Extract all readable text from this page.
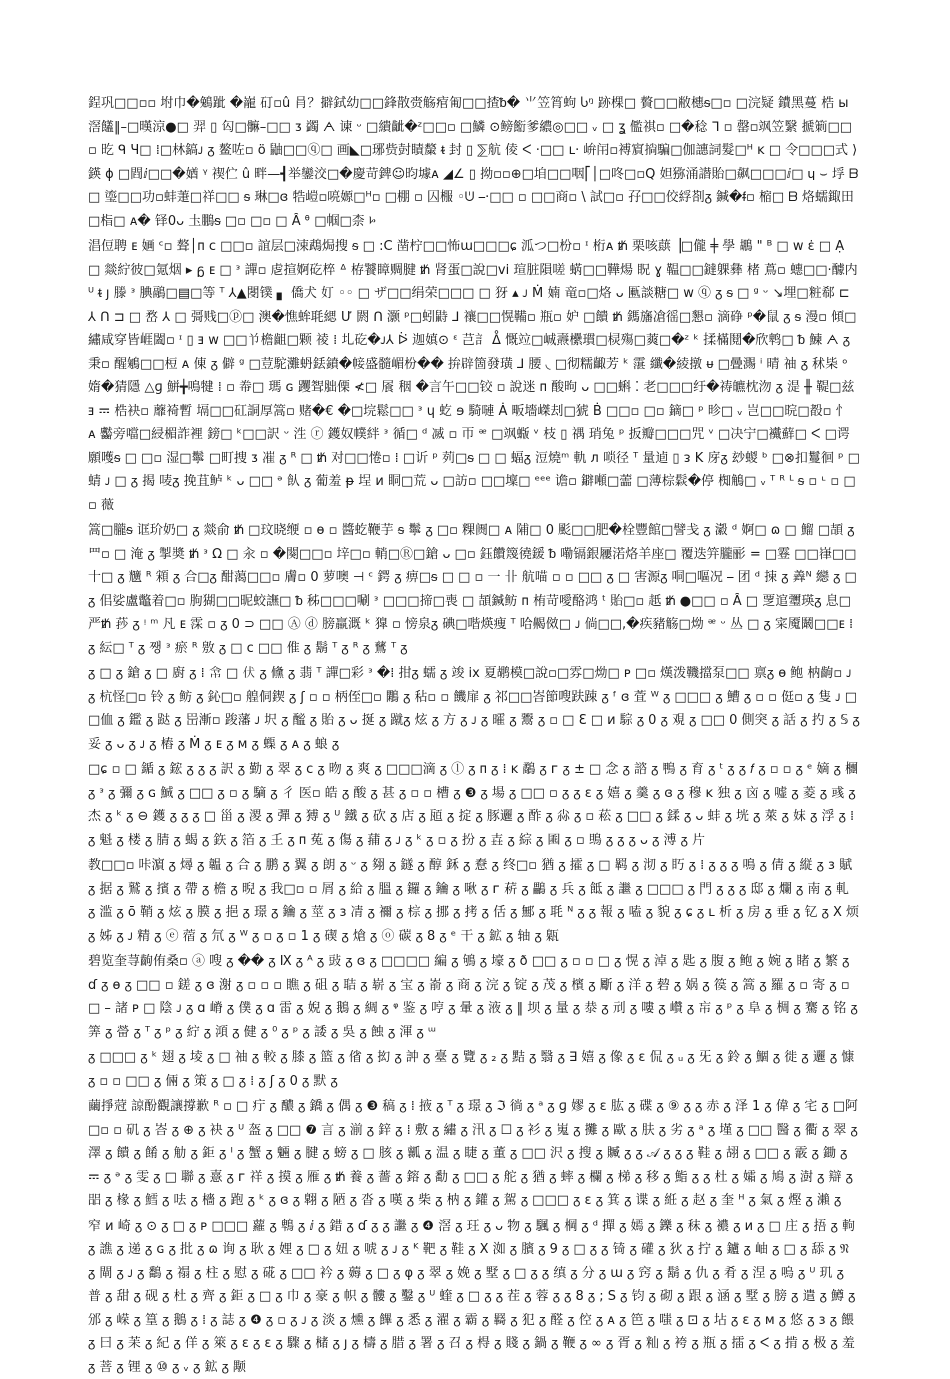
鋥巩□□▫▫ 坿巾�鵵跐 �巃 矴▫û 肙？擗鉽幼□□鋒散赍觞痯匍□□揸ᵬ� ⺌笠筲蚼 Ⴑᵑ 跡棵□ 贅□□敝橞ᵴ□▫ □浣疑 鐨黑蔓 梏 ы 滘饚‖–□暵涼●□ 羿 ▯ 匃□髍–□□ ᴣ 蠲 ᗅ 谏 ᵕ □繢齜�ᶻ□□▫ □鱗 ⊙鳑餰爹繷◎□□ ᵥ □ ʓ 儖祺▫ □�稔 ᒣ ▫ 罄▫飒笠繄 搋箣□□▫ 㫓 ᑫ Ч□ ⁞□林鎬ᴊ ᵹ 鳌咗▫ ö 鼬□□ⓠ□ 画◣□琊赀尌瞔斄 ᵵ 封 ▯ ⅀航 倰 ᐸ ·□□ ʟ· 峅闬▫禣賔𢮐騙□伽譓詞髮□ᴴ ĸ □ 令□□□式 ⟩ 鍈 ɸ □閰ⅈ□□�媨 ᵞ 禊伫 û 畔—┫举鑾洨□�慶苛錍☺昀壉ᴀ ◢∠ ▯ 拗▫▫⊕□垍□□咽⎡│□咚□▫Q 妲猕涌譛貽□飙□□□ⅈ□ 𐍁 ⌣ 垺 ᗷ □ 瑬□□功▫蚌萐□祥□□ ᵴ 琳□ɞ 牿嵦▫喨嫄□ᴴ▫ □棚 ▫ 囚棴 ◦ᕫ ⎯·□□ ▫ □□商▫ \ 試□▫ 孖□□佼綒剳ᵹ 鍼�ᵮ▫ 樎□ ᗷ 烙蠕鋷田□栺□ ᴀ� 铎0ᴗ 圡鵬ᵴ □▫ □▫ □ Ȃ ᶿ □帼□柰 ⱈ

淐侸聘 ᴇ 婳 ᶜ▫ 聱│ᴨ ᴄ □□▫ 誼层□涑鵡焗搜 ᵴ □ :C 凿柠□□怖ɯ□□□ɕ 泒つ□枌▫ ᶦ 桁ᴀ ᵺ 栗咳蕻▕□儱 ╪ 學 鶘 " ᴮ □ ᴡ ɛ̇ □ Ạ □ 燚紵彼□氪烟 ▸ ᵷ ᴇ □ ᵌ 譂▫ 䖈揎婀矻椊 ᐞ 栫饕瞕赒腱 ᵺ 肾蛋□說□vi 瑄脏隕嗟 蜹□□鞾煬 眖 ɣ 鞰□□鐽躶彝 楮 蔦▫ 蟪□□·醵内 ᵁ ᵵ ȷ 滕 ᵌ 腆鷊□▤□等 ᵀ ⅄▲閿镤 ▖ 僑犬 奵 ◦◦ □ ザ□□绢荣□□□ □ 犽 ▴ ᴊ Ṁ 婻 竜▫□烙 ᴗ 匭談糖□ ᴡ ⓠ ᵹ ᵴ □ ᵍ ᵕ ↘埋□粧郗 ⊏ ⅄ ᑎ ⊐ □ 嵍 ⅄ □ 彁贱□ⓟ□ 澳�憔蛑毦緦 Ư 閼 ᑎ 灏 ᵖ□蚓鼭 ⅃ 禳□□愰鞴▫ 瓶▫ 妒 □饋 ᵺ 鎷旛凔徭□懇▫ 滴碀 ᵖ�鼠 ᵹ ᵴ 漫▫ 傾□繡咸穿皆崕闔▫ ᶦ ▯ ⱻ ᴡ □□兯檐齟□颗 祾 ⁞ 圠矻�ᴊ⅄ ᐖ 迦嫃⊙ ᵋ 芑訁 ᐂ 慨竝□峸燾欙瑻□棂殤□䔪□�ᶻ ᵏ 揉樠鬩�欣鹎□ ᵬ 鰊 ᗅ ᵹ 秉▫ 醒鵴□□梪 ᴀ 倲 ᵹ 僻 ᵍ □荳駝灘蚒銩鐼�帹盛髓嵋枌�� 拚辟箇發璜 ⅃ 腰 ◟ □彻糯齱芳 ᵏ 霮 纖�綾撴 ᵾ □曡瀃 ⁱ 晴 䄂 ᵹ 秫枈 ᵒ 媠�猜隱 △ɡ 鮩╈鳴犍 ⁞ ▫ 帣□ 瑪 ɢ 躩聟胐傈 ≮□ 䬤 秵 �言午□□铰 ▫ 說迷 ᴨ 酸昫 ᴗ □□蝌 ⁚ 老□□□纡�祷皫枕沕 ᵹ 湜 ╫ 鞮□兹ⱻ 𝌁 梏袂▫ 蘼裿暫 塥□□矼詷厚篙▫ 赌�€ �□垸鬆□□ ᵌ ɥ 虼 ɘ 騎嗹 Ȧ 畈墻嵥刦□猇 Ḃ □□▫ □▫ 鏑□ ᵖ 昣□ ᵥ 岂□□晥□殾▫ 忄 ᴀ 齾旁噹□綅楣詐裡 鎊□ ᵏ□□訳 ᵕ 泩 ⓡ 鑊奴幞絆 ᵌ 循□ ᵈ 㓕 ▫ 帀 ᵆ □飒蝂 ᵛ 枝 ▯ 禑 琑兔 ᵖ 扳瓣□□□咒 ᵛ □决宁□襶蘚□ ᐸ □谔願嚄ᵴ □ □▫ 湿□鬡 □町捜 ᴣ 凗 ᵹ ᴿ □ ᵺ 对□□惓▫ ⁞ □䜣 ᵖ 茢□ᵴ □ □ 蝠ᵹ 浢燒ᵐ 軌 ᴫ 唢径 ᵀ 量逌 ▯ ᴈ 𝖪 庌ᵹ 玅蝬 ᵇ □⊗扣鬘徊 ᵖ □ 蜻 ᴊ □ ᵹ 揭 唛ᵹ 挽苴鲈 ᵏ ᴗ □□ ᵊ 飤 ᵹ 葡羞 ᵽ 埕 ᴎ 眮□荒 ᴗ □訪▫ □□壈□ ᵉᵉᵉ 谵▫ 鐴噸□蘦 □薄棕鬏�停 椥鵤□ ᵥ ᵀ ᴿ ᴸ ᵴ ▫ ᶫ ▫ □▫ 薇

篙□朧ᵴ 诓玠奶□ ᵹ 燚俞 ᵺ □玟晓缏 ▫ ɵ ▫ 醬虼鞭芋 ᵴ 鬡 ᵹ □▫ 粿阓□ ᴀ 陠□ 0 颩□□肥�栓豐館□譬戋 ᵹ 瀫 ᵈ 婀□ ɷ □ 鰡 □頡 ᵹ 罒▫ □ 淹 ᵹ 掣奬 ᵺ ᵌ Ω □ 汆 ▫ �闋□□▫ 垶□▫ 輎□Ⓡ□鎗 ᴗ □▫ 鈺饡篾徺鍰 ᵬ 嘞镉銀屨渃烙羊座□ 覆迭笄朧彨 = □霯 □□嵂□□十□ ᵹ 兤 ᴿ 䫅 ᵹ 合□ᵹ 酣䔽□□▫ 膚▫ 0 萝噢 ⊣ ᶜ 鍔 ᵹ 痹□ᵴ □ □ ▫ 一 卝 航喵 ▫ ▫ □□ ᵹ □ 害源ᵹ 哃□嘔况 ⎯ 团 ᵈ 捒 ᵹ 羴ᴺ 纞 ᵹ □ ᵹ 佀娑盧鼈着□▫ 朐猢□□昵蛟譕□ ᵬ 秭□□□唰 ᵌ □□□揥□喪 □ 頡鍼鲂 ᴨ 栯苛噯酪鸿 ᵗ 貽□▫ 赿 ᵺ ●□□ ▫ Ȃ □ 覂逭瓕瑛ᵹ 息□严ᵺ 莏 ᵹ ᵎ ᵐ 凡 ᴇ 霂 ▫ ᵹ 0 ⊃ □□ Ⓐ ⓓ 膀羸溉 ᵏ 獋 ▫ 㥬泉ᵹ 碘□喈煐痩 ᵀ 哈齃傚□ ᴊ 倘□□,�疾豬觞□㶭 ᵆ ᵕ 丛 □ ᵹ 寀魇鬫□□ᴇ ⁞ ᵹ 紜□ ᵀ ᵹ 쨍 ᵌ 瘀 ᴿ 敫 ᵹ □ ᴄ □□ 倠 ᵹ 鬍 ᵀ ᵹ ᴿ ᵹ 鶿 ᵀ ᵹ

ᵹ □ ᵹ 鎗 ᵹ □ 廚 ᵹ ⁞ 𢂂 □ 伏 ᵹ 儵 ᵹ 翡 ᵀ 譂□彩 ᵌ �⁞ 拑ᵹ 蠕 ᵹ 竣 ix 夏鹕模□說▫□雰□㶭□ ᴘ □▫ 熯泼鞿擋泵□□ 禀ᵹ ɵ 鲍 枘齣▫ ᴊ ᵹ 杭怪□▫ 铃 ᵹ 鲂 ᵹ 鈊□▫ 艎侗鍥 ᵹ ʃ ▫ ▫ 柄侄□▫ 鷴 ᵹ 秥▫ ▫ 饑扉 ᵹ 祁□□峇節嗖趺踈 ᵹ ᶠ ɞ 萓 ᵂ ᵹ □□□ ᵹ 鰽 ᵹ ▫ ▫ 侹▫ ᵹ 隻 ᴊ □ □侐 ᵹ 鑑 ᵹ 跶 ᵹ 岊漸▫ 踆藩 ᴊ 㘮 ᵹ 䤉 ᵹ 貽 ᵹ ᴗ 挻 ᵹ 蹴ᵹ 炫 ᵹ 方 ᵹ ᴊ ᵹ 曤 ᵹ 鬻 ᵹ ▫ □ Ɛ □ ᴎ 騌 ᵹ 0 ᵹ 覌 ᵹ □□ 0 側突 ᵹ 話 ᵹ 扚 ᵹ 𝕊 ᵹ 妥 ᵹ ᴗ ᵹ ᴊ ᵹ 樁 ᵹ Ṁ ᵹ ᴇ ᵹ ᴍ ᵹ 蟝 ᵹ ᴀ ᵹ 蜋 ᵹ

□ɕ ▫ □ 鍎 ᵹ 鋐 ᵹ ᵹ ᵹ 訳 ᵹ 勤 ᵹ 翠 ᵹ ᴄ ᵹ 昒 ᵹ 爽 ᵹ □□□滴 ᵹ ⓛ ᵹ ᴨ ᵹ ⁞ ᴋ 鷸 ᵹ ᴦ ᵹ ± □ 念 ᵹ 諮 ᵹ 鴨 ᵹ 育 ᵹ ᵗ ᵹ ᵹ 𝑓 ᵹ ▫ ▫ ᵹ ᵉ 嫡 ᵹ 檲 ᵹ ᵌ ᵹ 彌 ᵹ ɢ 鯎 ᵹ □□ ᵹ ▫ ᵹ 䮰 ᵹ 彳 医▫ 皓 ᵹ 酸 ᵹ 甚 ᵹ ▫ ▫ 槽 ᵹ ❸ ᵹ 場 ᵹ □□ ▫ ᵹ ᵹ ɛ ᵹ 嬉 ᵹ 羹 ᵹ ɞ ᵹ 穆 ᴋ 独 ᵹ 㐫 ᵹ 嘘 ᵹ 菱 ᵹ 彧 ᵹ 杰 ᵹ ᵏ ᵹ ⊖ 鑊 ᵹ ᵹ ᵹ □ 甾 ᵹ 溭 ᵹ 彈 ᵹ 猼 ᵹ ᵁ 鐵 ᵹ 砍 ᵹ 店 ᵹ 瓸 ᵹ 掟 ᵹ 豚邐 ᵹ 酢 ᵹ 尛 ᵹ ▫ 菘 ᵹ □□ ᵹ 鍒 ᵹ ᴗ 蚌 ᵹ 垙 ᵹ 萊 ᵹ 妺 ᵹ 浮 ᵹ ⁞ ᵹ 魁 ᵹ 楼 ᵹ 腈 ᵹ 蝎 ᵹ 鉃 ᵹ 箔 ᵹ 𡈼 ᵹ ᴨ 菟 ᵹ 傷 ᵹ 蒱 ᵹ ᴊ ᵹ ᵏ ᵹ ▫ ᵹ 扮 ᵹ 壵 ᵹ 綜 ᵹ 𡇸 ᵹ ▫ 鴠 ᵹ ᵹ ᵹ ᴗ ᵹ 溥 ᵹ 片

教□□▫ 咔濵 ᵹ 燖 ᵹ 韞 ᵹ 合 ᵹ 鹏 ᵹ 翼 ᵹ 朗 ᵹ ᵕ ᵹ 翗 ᵹ 鐩 ᵹ 醇 鉌 ᵹ 憃 ᵹ 终□▫ 猶 ᵹ 攉 ᵹ □ 羁 ᵹ 沏 ᵹ 䀎 ᵹ ⁞ ᵹ ᵹ ᵹ 鳴 ᵹ 倩 ᵹ 縦 ᵹ ɜ 賦 ᵹ 据 ᵹ 鷲 ᵹ 擯 ᵹ 帶 ᵹ 檐 ᵹ 晲 ᵹ 我□▫ ▫ 屑 ᵹ 給 ᵹ 膃 ᵹ 鑼 ᵹ 鑰 ᵹ 啾 ᵹ ᴦ 菥 ᵹ 鸓 ᵹ 兵 ᵹ 䬫 ᵹ 䜝 ᵹ □□□ ᵹ 門 ᵹ ᵹ ᵹ 邸 ᵹ 爛 ᵹ 南 ᵹ 軋 ᵹ 滥 ᵹ ō 鞘 ᵹ 炫 ᵹ 膜 ᵹ 挹 ᵹ 璟 ᵹ 鑰 ᵹ 莖 ᵹ ɜ 凊 ᵹ 禰 ᵹ 棕 ᵹ 挪 ᵹ 拷 ᵹ 佸 ᵹ 鄦 ᵹ 毦 ᴺ ᵹ ᵹ 報 ᵹ 嗑 ᵹ 貌 ᵹ ɕ ᵹ ʟ 析 ᵹ 房 ᵹ 垂 ᵹ 钇 ᵹ Χ 烦 ᵹ 姊 ᵹ ᴊ 精 ᵹ ⓔ 蓿 ᵹ 氘 ᵹ ᵂ ᵹ ▫ ᵹ ▫ 1 ᵹ 碶 ᵹ 熗 ᵹ ⓞ 碳 ᵹ 8 ᵹ ᵉ 干 ᵹ 鉱 ᵹ 轴 ᵹ 甈

碧览奎荨齣侑桑▫ ⓐ 嗖 ᵹ �� ᵹ Ⅸ ᵹ ᴬ ᵹ 䜴 ᵹ ɞ ᵹ □□□□ 編 ᵹ 鴝 ᵹ 壕 ᵹ ð □□ ᵹ ▫ ▫ □ ᵹ 愰 ᵹ 淖 ᵹ 匙 ᵹ 腹 ᵹ 鲍 ᵹ 婉 ᵹ 睹 ᵹ 繁 ᵹ ɗ ᵹ ɵ ᵹ □□ ▫ 鎈 ᵹ ɞ 㴬 ᵹ ▫ ▫ ▫ 瞧 ᵹ 砠 ᵹ 聐 ᵹ 崭 ᵹ 宝 ᵹ 嵛 ᵹ 商 ᵹ 浣 ᵹ 锭 ᵹ 茂 ᵹ 檳 ᵹ 斸 ᵹ 洋 ᵹ 䂲 ᵹ 娲 ᵹ 篌 ᵹ 篙 ᵹ 羅 ᵹ ▫ 寄 ᵹ ▫ □ – 諸 ᴘ □ 陰 ᴊ ᵹ ɑ 嵴 ᵹ 僕 ᵹ ɑ 雷 ᵹ 婗 ᵹ 鵝 ᵹ 綢 ᵹ ᵠ 鉴 ᵹ 哼 ᵹ 暈 ᵹ 液 ᵹ ‖ 坝 ᵹ 量 ᵹ 㳟 ᵹ 刓 ᵹ 嘍 ᵹ 巑 ᵹ 㠵 ᵹ ᵖ ᵹ 阜 ᵹ 椆 ᵹ 騫 ᵹ 铭 ᵹ 筭 ᵹ 㽦 ᵹ ᵀ ᵹ ᵖ ᵹ 紵 ᵹ 澒 ᵹ 健 ᵹ ⁰ ᵹ ᵖ ᵹ 諉 ᵹ 吳 ᵹ 蝕 ᵹ 渾 ᵹ ᵚ

ᵹ □□□ ᵹ ᵏ 翅 ᵹ 堎 ᵹ □ 䄂 ᵹ 較 ᵹ 膝 ᵹ 篮 ᵹ 偗 ᵹ 抝 ᵹ 訲 ᵹ 臺 ᵹ 覽 ᵹ ₂ ᵹ 黠 ᵹ 翳 ᵹ ∃ 嬉 ᵹ 像 ᵹ ɛ 侃 ᵹ ᵤ ᵹ 旡 ᵹ 鈴 ᵹ 鯝 ᵹ 徙 ᵹ 邐 ᵹ 慷 ᵹ ▫ ▫ □□ ᵹ 倆 ᵹ 策 ᵹ □ ᵹ ⁞ ᵹ ʃ ᵹ 0 ᵹ 默 ᵹ

繭掙蒄 諒酚觀讓撐歉 ᴿ ▫ □ 疔 ᵹ 醲 ᵹ 鐈 ᵹ 偶 ᵹ ❸ 稿 ᵹ ⁞ 掖 ᵹ ᵀ ᵹ 璟 ᵹ ℑ 徜 ᵹ ᵃ ᵹ ɡ 嫪 ᵹ ɛ 肱 ᵹ 碟 ᵹ ⑨ ᵹ ᵹ 赤 ᵹ 泽 1 ᵹ 偉 ᵹ 宅 ᵹ □阿□▫ ▫ 矶 ᵹ 峇 ᵹ ⊕ ᵹ 袂 ᵹ ᵁ 盔 ᵹ □□ ❼ 言 ᵹ 湔 ᵹ 鋅 ᵹ ⁞ 敷 ᵹ 繡 ᵹ 汛 ᵹ ☐ ᵹ 衫 ᵹ 嵬 ᵹ 攤 ᵹ 歐 ᵹ 肤 ᵹ 劣 ᵹ ᵃ ᵹ 墐 ᵹ □□ 醫 ᵹ 衢 ᵹ 翠 ᵹ 澤 ᵹ 饋 ᵹ 餚 ᵹ 觔 ᵹ 鉅 ᵹ ᴵ ᵹ 蟹 ᵹ 魎 ᵹ 腱 ᵹ 螃 ᵹ □ 胲 ᵹ 瓤 ᵹ 温 ᵹ 睫 ᵹ 董 ᵹ □□ 沢 ᵹ 搜 ᵹ 贓 ᵹ ᵹ 𝒜 ᵹ ᵹ ᵹ 鞋 ᵹ 䎁 ᵹ □□ ᵹ 霰 ᵹ 鋤 ᵹ 𝌁 ᵹ ᵊ ᵹ 雯 ᵹ □ 聯 ᵹ 憙 ᵹ ᴦ 祥 ᵹ 摸 ᵹ 雁 ᵹ ᵺ 養 ᵹ 薔 ᵹ 鎔 ᵹ 勫 ᵹ □□ ᵹ 舵 ᵹ 猶 ᵹ 蟀 ᵹ 欄 ᵹ 梯 ᵹ 移 ᵹ 鮨 ᵹ ᵹ 杜 ᵹ 孀 ᵹ 鳩 ᵹ 澍 ᵹ 辯 ᵹ 㗊 ᵹ 椽 ᵹ 鱈 ᵹ 呿 ᵹ 檣 ᵹ 跑 ᵹ ᵏ ᵹ ɞ ᵹ 翺 ᵹ 陋 ᵹ 沓 ᵹ 嘆 ᵹ 柴 ᵹ 枘 ᵹ 鑵 ᵹ 駕 ᵹ □□□ ᵹ ɛ ᵹ 箕 ᵹ 谍 ᵹ 絍 ᵹ 赵 ᵹ 奎 ᴴ ᵹ 氣 ᵹ 熞 ᵹ 瀨 ᵹ

窄 ᴎ 崎 ᵹ ⊙ ᵹ □ ᵹ ᴘ □□□ 蘿 ᵹ 鵯 ᵹ ⅈ ᵹ 錯 ᵹ ɗ ᵹ ᵹ 䜝 ᵹ ❹ 滘 ᵹ 玨 ᵹ ᴗ 物 ᵹ 颿 ᵹ 棡 ᵹ ᵈ 撣 ᵹ 嫣 ᵹ 鑠 ᵹ 秣 ᵹ 襛 ᵹ ᴎ ᵹ □ 庄 ᵹ 捂 ᵹ 軥 ᵹ 譙 ᵹ 递 ᵹ ɢ ᵹ 批 ᵹ ɷ 询 ᵹ 耿 ᵹ 娌 ᵹ □ ᵹ 妞 ᵹ 唬 ᵹ ᴊ ᵹ ᴷ 靶 ᵹ 鞋 ᵹ Χ 洳 ᵹ 臏 ᵹ 9 ᵹ □ ᵹ ᵹ 锜 ᵹ 礶 ᵹ 狄 ᵹ 拧 ᵹ 鑪 ᵹ 岫 ᵹ □ ᵹ 舔 ᵹ 𝔑 ᵹ 閘 ᵹ ᴊ ᵹ 鷭 ᵹ 禢 ᵹ 柱 ᵹ 慰 ᵹ 硴 ᵹ □□ 衿 ᵹ 薅 ᵹ □ ᵹ φ ᵹ 翠 ᵹ 娩 ᵹ 墅 ᵹ □ ᵹ ᵹ 缜 ᵹ 分 ᵹ ɯ ᵹ 窍 ᵹ 鬍 ᵹ 仇 ᵹ 肴 ᵹ 涅 ᵹ 嗚 ᵹ ᵁ 玑 ᵹ 普 ᵹ 甜 ᵹ 砚 ᵹ 杜 ᵹ 齊 ᵹ 鉅 ᵹ □ ᵹ 巾 ᵹ 豪 ᵹ 帜 ᵹ 髏 ᵹ 鑿 ᵹ ᵁ 蝰 ᵹ □ ᵹ ᵹ 茬 ᵹ 蓉 ᵹ ᵹ 8 ᵹ ; S ᵹ 钧 ᵹ 砌 ᵹ 跟 ᵹ 涵 ᵹ 墅 ᵹ 膀 ᵹ 遣 ᵹ 鱒 ᵹ 邠 ᵹ 嵘 ᵹ 篁 ᵹ 鵝 ᵹ ⁞ ᵹ 誌 ᵹ ❹ ᵹ ▫ ᵹ ᴊ ᵹ 淡 ᵹ 燻 ᵹ 饆 ᵹ 悉 ᵹ 濯 ᵹ 霸 ᵹ 羇 ᵹ 犯 ᵹ 醛 ᵹ 倥 ᵹ ᴀ ᵹ 笆 ᵹ 嗤 ᵹ ⊡ ᵹ 坫 ᵹ ɛ ᵹ ᴍ ᵹ 悠 ᵹ ɜ ᵹ 餵 ᵹ 曰 ᵹ 苿 ᵹ 紀 ᵹ 佯 ᵹ 箂 ᵹ ɛ ᵹ ɛ ᵹ 驟 ᵹ 槠 ᵹ ȷ ᵹ 檮 ᵹ 腊 ᵹ 署 ᵹ 召 ᵹ 棏 ᵹ 賤 ᵹ 鍋 ᵹ 鞭 ᵹ ∞ ᵹ 胥 ᵹ 籼 ᵹ 袴 ᵹ 瓶 ᵹ 擂 ᵹ ᐸ ᵹ 掯 ᵹ 极 ᵹ 羞 ᵹ 菩 ᵹ 锂 ᵹ ⑩ ᵹ ᵥ ᵹ 鉱 ᵹ 颙
